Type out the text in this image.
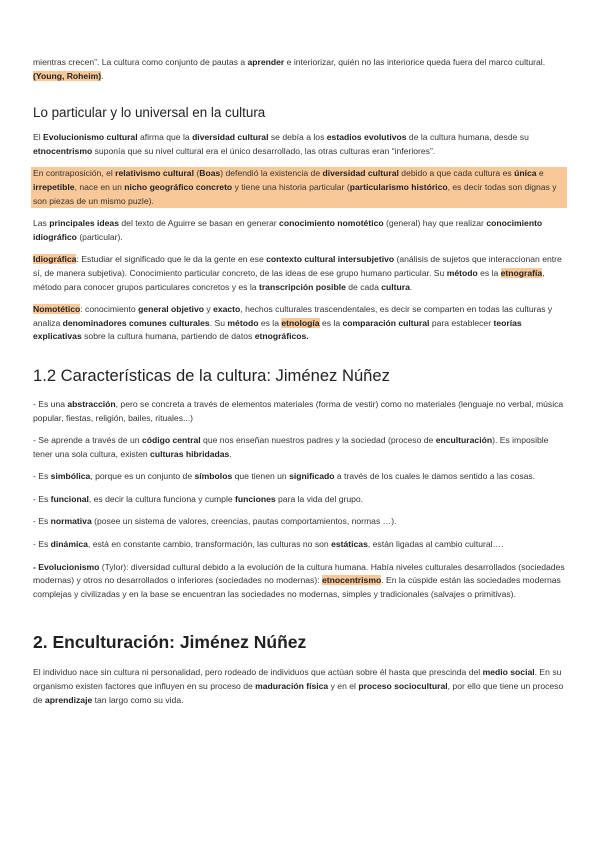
mientras crecen”. La cultura como conjunto de pautas a aprender e interiorizar, quién no las interiorice queda fuera del marco cultural. (Young, Roheim).

Lo particular y lo universal en la cultura

El Evolucionismo cultural afirma que la diversidad cultural se debía a los estadios evolutivos de la cultura humana, desde su etnocentrismo suponía que su nivel cultural era el único desarrollado, las otras culturas eran “inferiores”.

En contraposición, el relativismo cultural (Boas) defendió la existencia de diversidad cultural debido a que cada cultura es única e irrepetible, nace en un nicho geográfico concreto y tiene una historia particular (particularismo histórico, es decir todas son dignas y son piezas de un mismo puzle).

Las principales ideas del texto de Aguirre se basan en generar conocimiento nomotético (general) hay que realizar conocimiento idiográfico (particular).

Idiográfica: Estudiar el significado que le da la gente en ese contexto cultural intersubjetivo (análisis de sujetos que interaccionan entre sí, de manera subjetiva). Conocimiento particular concreto, de las ideas de ese grupo humano particular. Su método es la etnografía, método para conocer grupos particulares concretos y es la transcripción posible de cada cultura.

Nomotético: conocimiento general objetivo y exacto, hechos culturales trascendentales, es decir se comparten en todas las culturas y analiza denominadores comunes culturales. Su método es la etnología es la comparación cultural para establecer teorías explicativas sobre la cultura humana, partiendo de datos etnográficos.

1.2 Características de la cultura: Jiménez Núñez

- Es una abstracción, pero se concreta a través de elementos materiales (forma de vestir) como no materiales (lenguaje no verbal, música popular, fiestas, religión, bailes, rituales...)

- Se aprende a través de un código central que nos enseñan nuestros padres y la sociedad (proceso de enculturación). Es imposible tener una sola cultura, existen culturas hibridadas.

- Es simbólica, porque es un conjunto de símbolos que tienen un significado a través de los cuales le damos sentido a las cosas.

- Es funcional, es decir la cultura funciona y cumple funciones para la vida del grupo.

- Es normativa (posee un sistema de valores, creencias, pautas comportamientos, normas …).

- Es dinámica, está en constante cambio, transformación, las culturas no son estáticas, están ligadas al cambio cultural….

- Evolucionismo (Tylor): diversidad cultural debido a la evolución de la cultura humana. Había niveles culturales desarrollados (sociedades modernas) y otros no desarrollados o inferiores (sociedades no modernas): etnocentrismo. En la cúspide están las sociedades modernas complejas y civilizadas y en la base se encuentran las sociedades no modernas, simples y tradicionales (salvajes o primitivas).

2. Enculturación: Jiménez Núñez

El individuo nace sin cultura ni personalidad, pero rodeado de individuos que actúan sobre él hasta que prescinda del medio social. En su organismo existen factores que influyen en su proceso de maduración física y en el proceso sociocultural, por ello que tiene un proceso de aprendizaje tan largo como su vida.
